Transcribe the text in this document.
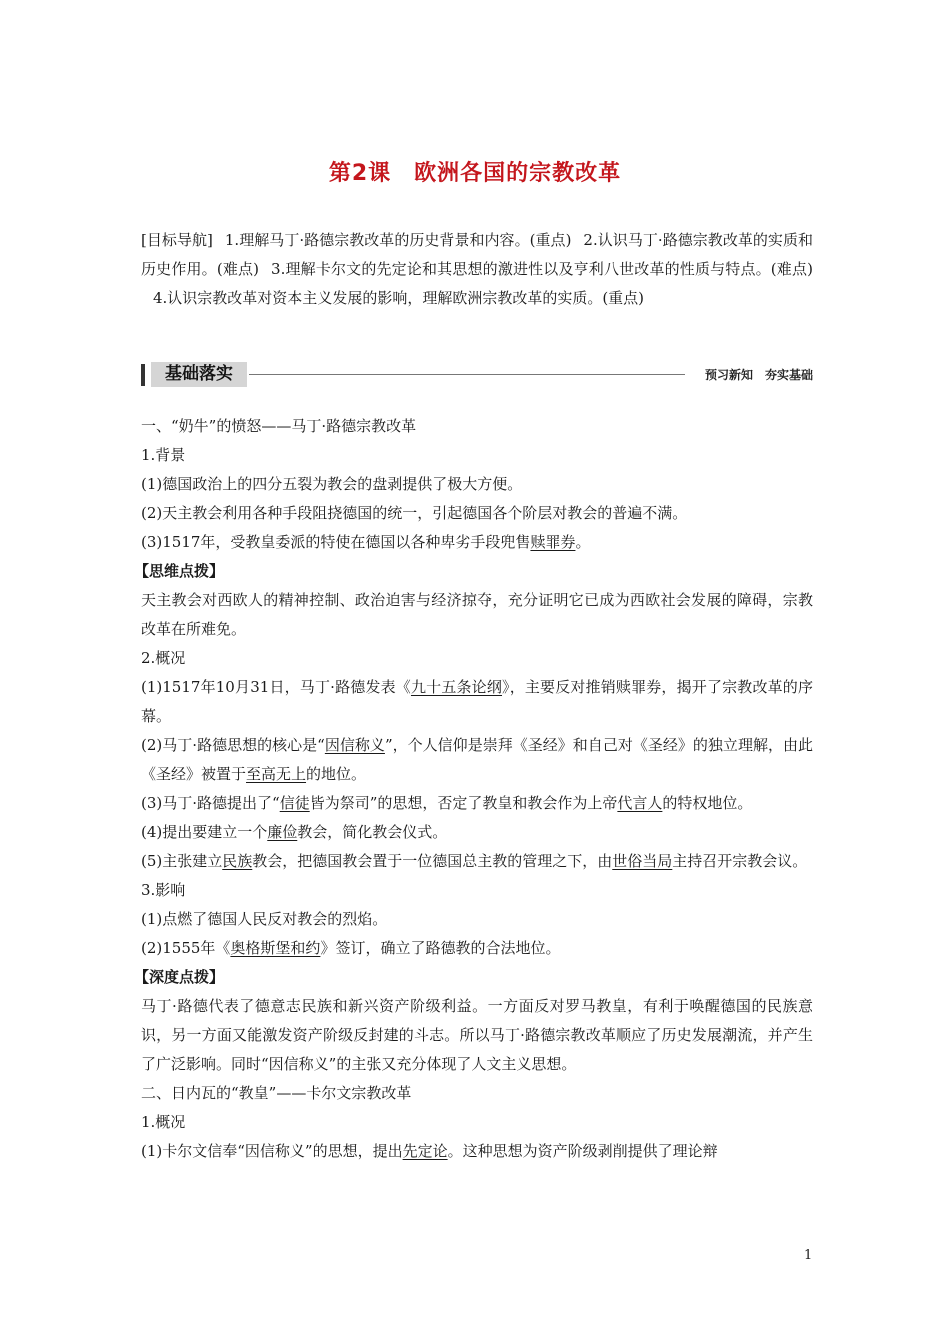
第2课　欧洲各国的宗教改革
[目标导航] 1.理解马丁·路德宗教改革的历史背景和内容。(重点) 2.认识马丁·路德宗教改革的实质和历史作用。(难点) 3.理解卡尔文的先定论和其思想的激进性以及亨利八世改革的性质与特点。(难点)4.认识宗教改革对资本主义发展的影响，理解欧洲宗教改革的实质。(重点)
基础落实	预习新知　夯实基础

一、“奶牛”的愤怒——马丁·路德宗教改革

1.背景

(1)德国政治上的四分五裂为教会的盘剥提供了极大方便。

(2)天主教会利用各种手段阻挠德国的统一，引起德国各个阶层对教会的普遍不满。

(3)1517年，受教皇委派的特使在德国以各种卑劣手段兜售赎罪券。

【思维点拨】

天主教会对西欧人的精神控制、政治迫害与经济掠夺，充分证明它已成为西欧社会发展的障碍，宗教改革在所难免。

2.概况

(1)1517年10月31日，马丁·路德发表《九十五条论纲》，主要反对推销赎罪券，揭开了宗教改革的序幕。

(2)马丁·路德思想的核心是“因信称义”，个人信仰是崇拜《圣经》和自己对《圣经》的独立理解，由此《圣经》被置于至高无上的地位。

(3)马丁·路德提出了“信徒皆为祭司”的思想，否定了教皇和教会作为上帝代言人的特权地位。

(4)提出要建立一个廉俭教会，简化教会仪式。

(5)主张建立民族教会，把德国教会置于一位德国总主教的管理之下，由世俗当局主持召开宗教会议。

3.影响

(1)点燃了德国人民反对教会的烈焰。

(2)1555年《奥格斯堡和约》签订，确立了路德教的合法地位。

【深度点拨】

马丁·路德代表了德意志民族和新兴资产阶级利益。一方面反对罗马教皇，有利于唤醒德国的民族意识，另一方面又能激发资产阶级反封建的斗志。所以马丁·路德宗教改革顺应了历史发展潮流，并产生了广泛影响。同时“因信称义”的主张又充分体现了人文主义思想。

二、日内瓦的“教皇”——卡尔文宗教改革

1.概况

(1)卡尔文信奉“因信称义”的思想，提出先定论。这种思想为资产阶级剥削提供了理论辩

1
